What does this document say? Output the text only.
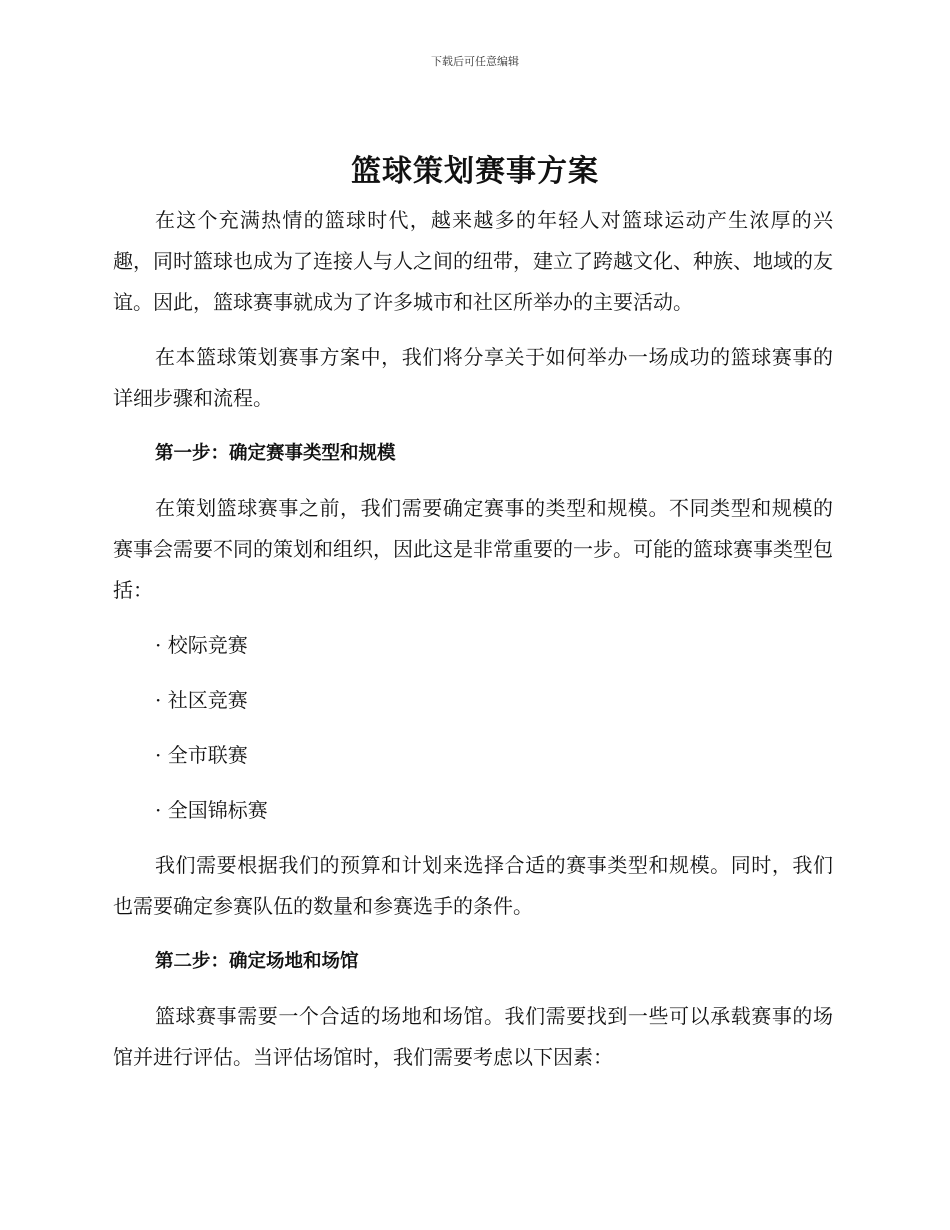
下载后可任意编辑
篮球策划赛事方案

在这个充满热情的篮球时代，越来越多的年轻人对篮球运动产生浓厚的兴趣，同时篮球也成为了连接人与人之间的纽带，建立了跨越文化、种族、地域的友谊。因此，篮球赛事就成为了许多城市和社区所举办的主要活动。

在本篮球策划赛事方案中，我们将分享关于如何举办一场成功的篮球赛事的详细步骤和流程。

第一步：确定赛事类型和规模

在策划篮球赛事之前，我们需要确定赛事的类型和规模。不同类型和规模的赛事会需要不同的策划和组织，因此这是非常重要的一步。可能的篮球赛事类型包括：

· 校际竞赛

· 社区竞赛

· 全市联赛

· 全国锦标赛

我们需要根据我们的预算和计划来选择合适的赛事类型和规模。同时，我们也需要确定参赛队伍的数量和参赛选手的条件。

第二步：确定场地和场馆

篮球赛事需要一个合适的场地和场馆。我们需要找到一些可以承载赛事的场馆并进行评估。当评估场馆时，我们需要考虑以下因素：
